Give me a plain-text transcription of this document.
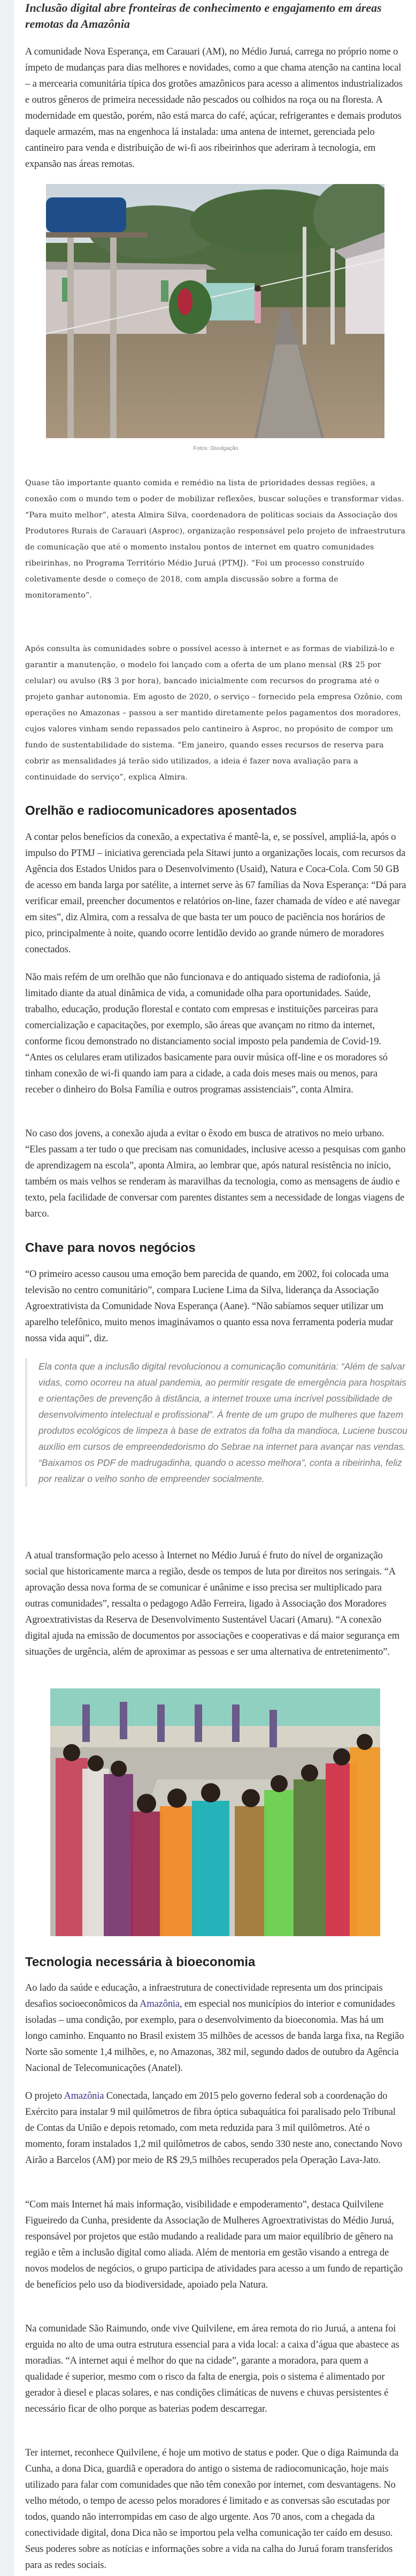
Inclusão digital abre fronteiras de conhecimento e engajamento em áreas remotas da Amazônia

A comunidade Nova Esperança, em Carauari (AM), no Médio Juruá, carrega no próprio nome o ímpeto de mudanças para dias melhores e novidades, como a que chama atenção na cantina local – a mercearia comunitária típica dos grotões amazônicos para acesso a alimentos industrializados e outros gêneros de primeira necessidade não pescados ou colhidos na roça ou na floresta. A modernidade em questão, porém, não está marca do café, açúcar, refrigerantes e demais produtos daquele armazém, mas na engenhoca lá instalada: uma antena de internet, gerenciada pelo cantineiro para venda e distribuição de wi-fi aos ribeirinhos que aderiram à tecnologia, em expansão nas áreas remotas.

Fotos: Divulgação

Quase tão importante quanto comida e remédio na lista de prioridades dessas regiões, a conexão com o mundo tem o poder de mobilizar reflexões, buscar soluções e transformar vidas. “Para muito melhor”, atesta Almira Silva, coordenadora de políticas sociais da Associação dos Produtores Rurais de Carauari (Asproc), organização responsável pelo projeto de infraestrutura de comunicação que até o momento instalou pontos de internet em quatro comunidades ribeirinhas, no Programa Território Médio Juruá (PTMJ). “Foi um processo construído coletivamente desde o começo de 2018, com ampla discussão sobre a forma de monitoramento”.

Após consulta às comunidades sobre o possível acesso à internet e as formas de viabilizá-lo e garantir a manutenção, o modelo foi lançado com a oferta de um plano mensal (R$ 25 por celular) ou avulso (R$ 3 por hora), bancado inicialmente com recursos do programa até o projeto ganhar autonomia. Em agosto de 2020, o serviço – fornecido pela empresa Ozônio, com operações no Amazonas – passou a ser mantido diretamente pelos pagamentos dos moradores, cujos valores vinham sendo repassados pelo cantineiro à Asproc, no propósito de compor um fundo de sustentabilidade do sistema. “Em janeiro, quando esses recursos de reserva para cobrir as mensalidades já terão sido utilizados, a ideia é fazer nova avaliação para a continuidade do serviço”, explica Almira.

Orelhão e radiocomunicadores aposentados

A contar pelos benefícios da conexão, a expectativa é mantê-la, e, se possível, ampliá-la, após o impulso do PTMJ – iniciativa gerenciada pela Sitawi junto a organizações locais, com recursos da Agência dos Estados Unidos para o Desenvolvimento (Usaid), Natura e Coca-Cola. Com 50 GB de acesso em banda larga por satélite, a internet serve às 67 famílias da Nova Esperança: “Dá para verificar email, preencher documentos e relatórios on-line, fazer chamada de vídeo e até navegar em sites”, diz Almira, com a ressalva de que basta ter um pouco de paciência nos horários de pico, principalmente à noite, quando ocorre lentidão devido ao grande número de moradores conectados.

Não mais refém de um orelhão que não funcionava e do antiquado sistema de radiofonia, já limitado diante da atual dinâmica de vida, a comunidade olha para oportunidades. Saúde, trabalho, educação, produção florestal e contato com empresas e instituições parceiras para comercialização e capacitações, por exemplo, são áreas que avançam no ritmo da internet, conforme ficou demonstrado no distanciamento social imposto pela pandemia de Covid-19. “Antes os celulares eram utilizados basicamente para ouvir música off-line e os moradores só tinham conexão de wi-fi quando iam para a cidade, a cada dois meses mais ou menos, para receber o dinheiro do Bolsa Família e outros programas assistenciais”, conta Almira.

No caso dos jovens, a conexão ajuda a evitar o êxodo em busca de atrativos no meio urbano. “Eles passam a ter tudo o que precisam nas comunidades, inclusive acesso a pesquisas com ganho de aprendizagem na escola”, aponta Almira, ao lembrar que, após natural resistência no início, também os mais velhos se renderam às maravilhas da tecnologia, como as mensagens de áudio e texto, pela facilidade de conversar com parentes distantes sem a necessidade de longas viagens de barco.

Chave para novos negócios

“O primeiro acesso causou uma emoção bem parecida de quando, em 2002, foi colocada uma televisão no centro comunitário”, compara Luciene Lima da Silva, liderança da Associação Agroextrativista da Comunidade Nova Esperança (Aane). “Não sabíamos sequer utilizar um aparelho telefônico, muito menos imaginávamos o quanto essa nova ferramenta poderia mudar nossa vida aqui”, diz.

Ela conta que a inclusão digital revolucionou a comunicação comunitária: “Além de salvar vidas, como ocorreu na atual pandemia, ao permitir resgate de emergência para hospitais e orientações de prevenção à distância, a internet trouxe uma incrível possibilidade de desenvolvimento intelectual e profissional”. À frente de um grupo de mulheres que fazem produtos ecológicos de limpeza à base de extratos da folha da mandioca, Luciene buscou auxílio em cursos de empreendedorismo do Sebrae na internet para avançar nas vendas. “Baixamos os PDF de madrugadinha, quando o acesso melhora”, conta a ribeirinha, feliz por realizar o velho sonho de empreender socialmente.

A atual transformação pelo acesso à Internet no Médio Juruá é fruto do nível de organização social que historicamente marca a região, desde os tempos de luta por direitos nos seringais. “A aprovação dessa nova forma de se comunicar é unânime e isso precisa ser multiplicado para outras comunidades”, ressalta o pedagogo Adão Ferreira, ligado à Associação dos Moradores Agroextrativistas da Reserva de Desenvolvimento Sustentável Uacari (Amaru). “A conexão digital ajuda na emissão de documentos por associações e cooperativas e dá maior segurança em situações de urgência, além de aproximar as pessoas e ser uma alternativa de entretenimento”.

Tecnologia necessária à bioeconomia

Ao lado da saúde e educação, a infraestrutura de conectividade representa um dos principais desafios socioeconômicos da Amazônia, em especial nos municípios do interior e comunidades isoladas – uma condição, por exemplo, para o desenvolvimento da bioeconomia. Mas há um longo caminho. Enquanto no Brasil existem 35 milhões de acessos de banda larga fixa, na Região Norte são somente 1,4 milhões, e, no Amazonas, 382 mil, segundo dados de outubro da Agência Nacional de Telecomunicações (Anatel).

O projeto Amazônia Conectada, lançado em 2015 pelo governo federal sob a coordenação do Exército para instalar 9 mil quilômetros de fibra óptica subaquática foi paralisado pelo Tribunal de Contas da União e depois retomado, com meta reduzida para 3 mil quilômetros. Até o momento, foram instalados 1,2 mil quilômetros de cabos, sendo 330 neste ano, conectando Novo Airão a Barcelos (AM) por meio de R$ 29,5 milhões recuperados pela Operação Lava-Jato.

“Com mais Internet há mais informação, visibilidade e empoderamento”, destaca Quilvilene Figueiredo da Cunha, presidente da Associação de Mulheres Agroextrativistas do Médio Juruá, responsável por projetos que estão mudando a realidade para um maior equilíbrio de gênero na região e têm a inclusão digital como aliada. Além de mentoria em gestão visando a entrega de novos modelos de negócios, o grupo participa de atividades para acesso a um fundo de repartição de benefícios pelo uso da biodiversidade, apoiado pela Natura.

Na comunidade São Raimundo, onde vive Quilvilene, em área remota do rio Juruá, a antena foi erguida no alto de uma outra estrutura essencial para a vida local: a caixa d’água que abastece as moradias. “A internet aqui é melhor do que na cidade”, garante a moradora, para quem a qualidade é superior, mesmo com o risco da falta de energia, pois o sistema é alimentado por gerador à diesel e placas solares, e nas condições climáticas de nuvens e chuvas persistentes é necessário ficar de olho porque as baterias podem descarregar.

Ter internet, reconhece Quilvilene, é hoje um motivo de status e poder. Que o diga Raimunda da Cunha, a dona Dica, guardiã e operadora do antigo o sistema de radiocomunicação, hoje mais utilizado para falar com comunidades que não têm conexão por internet, com desvantagens. No velho método, o tempo de acesso pelos moradores é limitado e as conversas são escutadas por todos, quando não interrompidas em caso de algo urgente. Aos 70 anos, com a chegada da conectividade digital, dona Dica não se importou pela velha comunicação ter caído em desuso. Seus poderes sobre as notícias e informações sobre a vida na calha do Juruá foram transferidos para as redes sociais.
